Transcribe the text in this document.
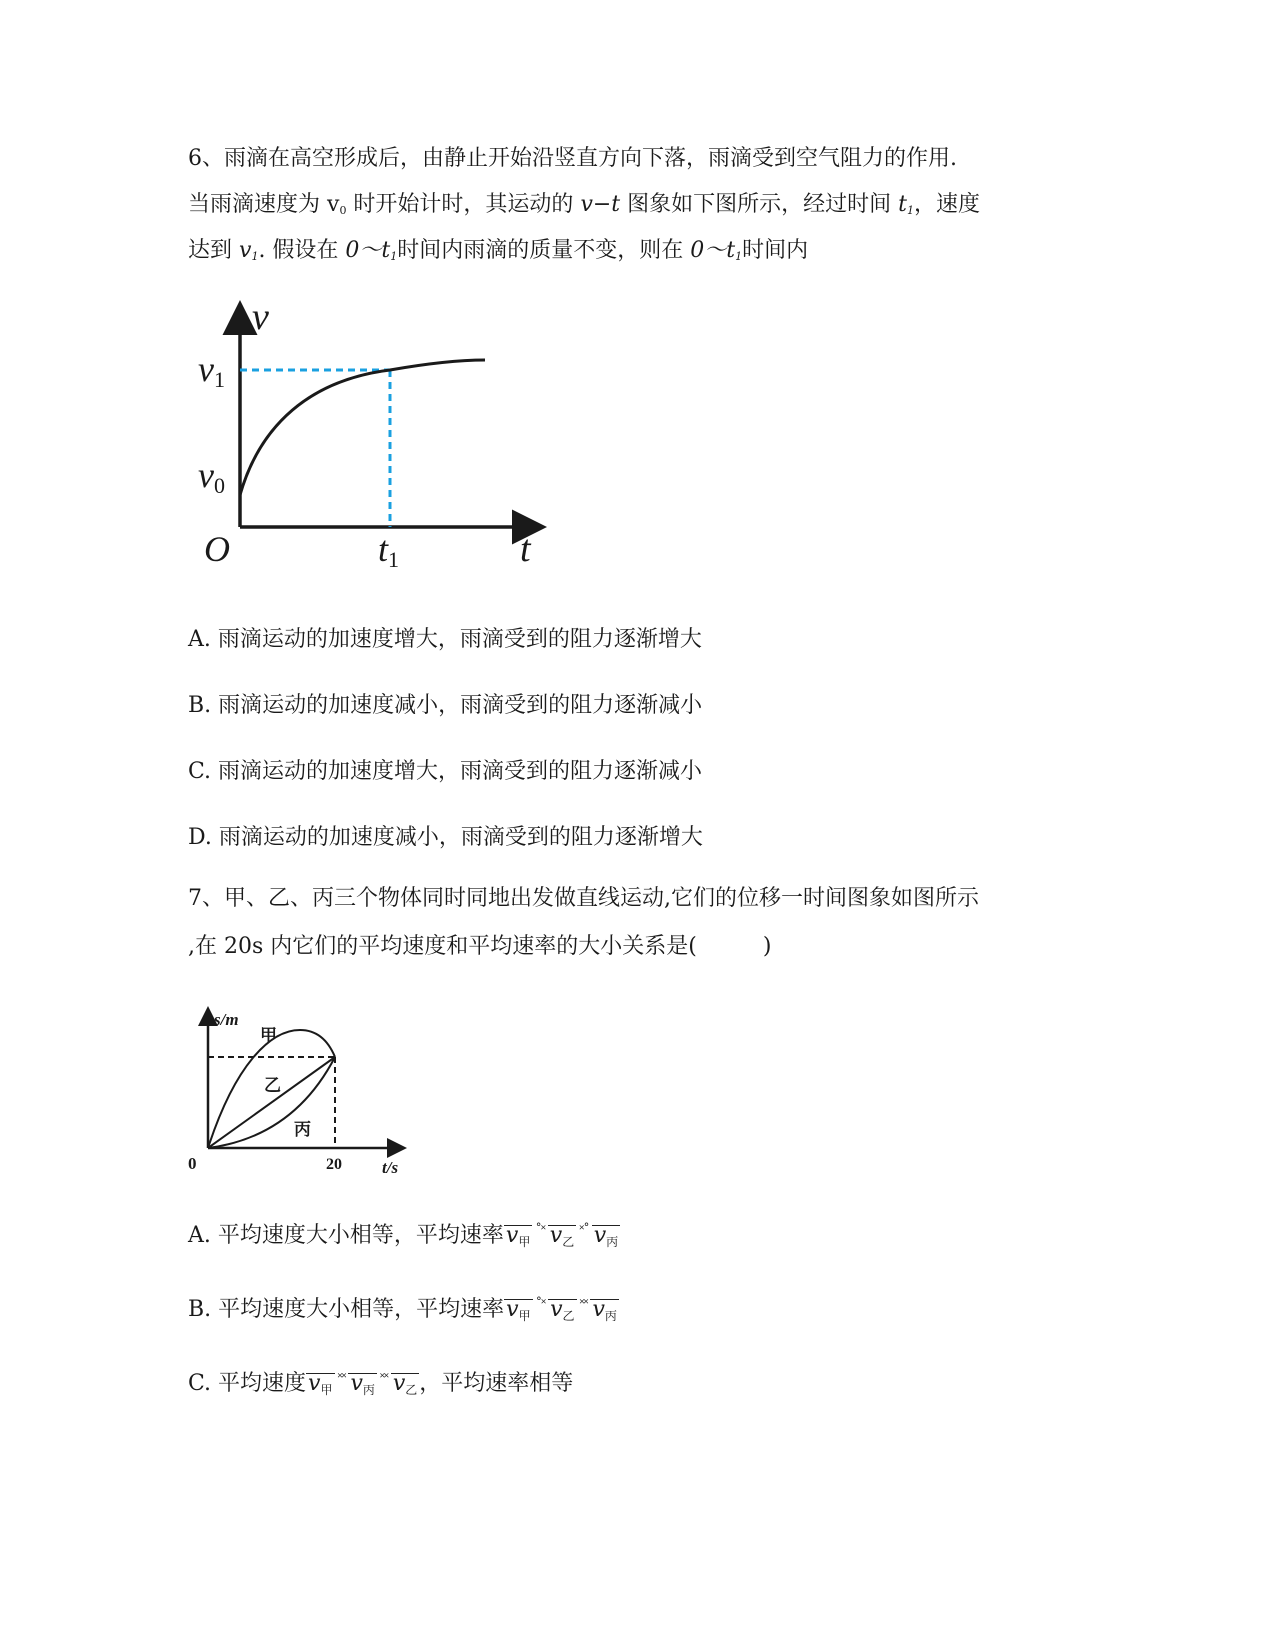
6、雨滴在高空形成后，由静止开始沿竖直方向下落，雨滴受到空气阻力的作用.
当雨滴速度为 $v_0$ 时开始计时，其运动的 v−t 图象如下图所示，经过时间 $t_1$，速度
达到 $v_1$. 假设在 $0\sim t_1$时间内雨滴的质量不变，则在 $0\sim t_1$时间内
v
v1
v0
O	t1	t
A. 雨滴运动的加速度增大，雨滴受到的阻力逐渐增大
B. 雨滴运动的加速度减小，雨滴受到的阻力逐渐减小
C. 雨滴运动的加速度增大，雨滴受到的阻力逐渐减小
D. 雨滴运动的加速度减小，雨滴受到的阻力逐渐增大
7、甲、乙、丙三个物体同时同地出发做直线运动,它们的位移一时间图象如图所示
,在 20s 内它们的平均速度和平均速率的大小关系是(　　　)
s/m
甲
乙
丙
0	20 t/s
A. 平均速度大小相等，平均速率v甲˚˟ v乙˟˚ v丙
B. 平均速度大小相等，平均速率v甲˚˟ v乙˟˟ v丙
C. 平均速度v甲˟˟ v丙˟˟ v乙，平均速率相等
